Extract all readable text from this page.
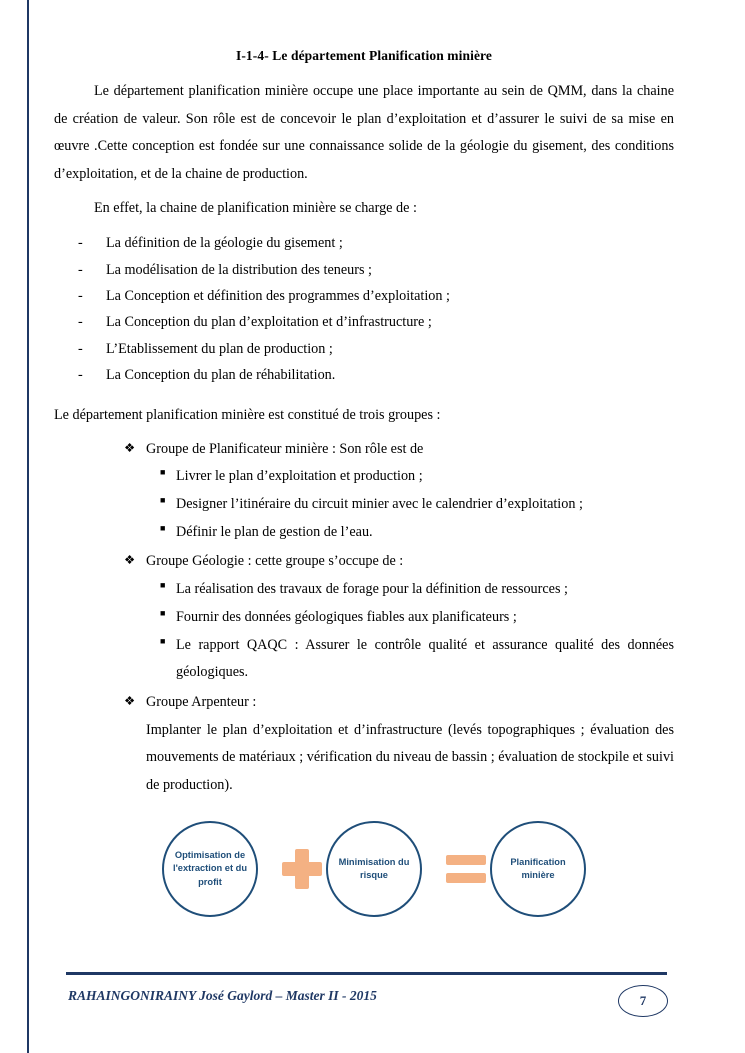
I-1-4- Le département Planification minière

Le département planification minière occupe une place importante au sein de QMM, dans la chaine de création de valeur. Son rôle est de concevoir le plan d’exploitation et d’assurer le suivi de sa mise en œuvre .Cette conception est fondée sur une connaissance solide de la géologie du gisement, des conditions d’exploitation, et de la chaine de production.

En effet, la chaine de planification minière se charge de :

- La définition de la géologie du gisement ;
- La modélisation de la distribution des teneurs ;
- La Conception et définition des programmes d’exploitation ;
- La Conception du plan d’exploitation et d’infrastructure ;
- L’Etablissement du plan de production ;
- La Conception du plan de réhabilitation.

Le département planification minière est constitué de trois groupes :

❖ Groupe de Planificateur minière : Son rôle est de
■ Livrer le plan d’exploitation et production ;
■ Designer l’itinéraire du circuit minier avec le calendrier d’exploitation ;
■ Définir le plan de gestion de l’eau.
❖ Groupe Géologie : cette groupe s’occupe de :
■ La réalisation des travaux de forage pour la définition de ressources ;
■ Fournir des données géologiques fiables aux planificateurs ;
■ Le rapport QAQC : Assurer le contrôle qualité et assurance qualité des données géologiques.
❖ Groupe Arpenteur :
Implanter le plan d’exploitation et d’infrastructure (levés topographiques ; évaluation des mouvements de matériaux ; vérification du niveau de bassin ; évaluation de stockpile et suivi de production).
Optimisation de l'extraction et du profit
Minimisation du risque
Planification minière
RAHAINGONIRAINY José Gaylord – Master II - 2015	7
